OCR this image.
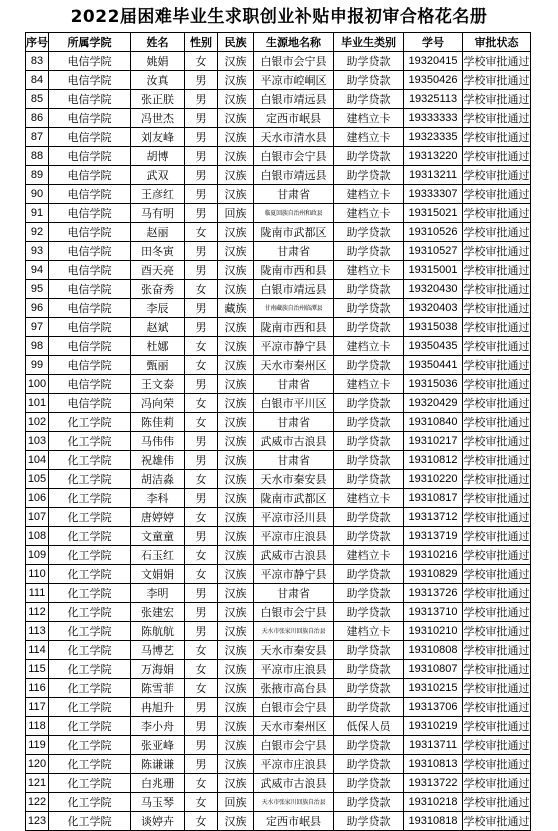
2022届困难毕业生求职创业补贴申报初审合格花名册
序号	所属学院	姓名	性别	民族	生源地名称	毕业生类别	学号	审批状态
83	电信学院	姚娟	女	汉族	白银市会宁县	助学贷款	19320415	学校审批通过
84	电信学院	汝真	男	汉族	平凉市崆峒区	助学贷款	19350426	学校审批通过
85	电信学院	张正朕	男	汉族	白银市靖远县	助学贷款	19325113	学校审批通过
86	电信学院	冯世杰	男	汉族	定西市岷县	建档立卡	19333333	学校审批通过
87	电信学院	刘友峰	男	汉族	天水市清水县	建档立卡	19323335	学校审批通过
88	电信学院	胡博	男	汉族	白银市会宁县	助学贷款	19313220	学校审批通过
89	电信学院	武双	男	汉族	白银市靖远县	助学贷款	19313211	学校审批通过
90	电信学院	王彦红	男	汉族	甘肃省	建档立卡	19333307	学校审批通过
91	电信学院	马有明	男	回族	临夏回族自治州和政县	建档立卡	19315021	学校审批通过
92	电信学院	赵丽	女	汉族	陇南市武都区	助学贷款	19310526	学校审批通过
93	电信学院	田冬寅	男	汉族	甘肃省	助学贷款	19310527	学校审批通过
94	电信学院	酉天亮	男	汉族	陇南市西和县	建档立卡	19315001	学校审批通过
95	电信学院	张奋秀	女	汉族	白银市靖远县	助学贷款	19320430	学校审批通过
96	电信学院	李辰	男	藏族	甘南藏族自治州临潭县	助学贷款	19320403	学校审批通过
97	电信学院	赵斌	男	汉族	陇南市西和县	助学贷款	19315038	学校审批通过
98	电信学院	杜娜	女	汉族	平凉市静宁县	建档立卡	19350435	学校审批通过
99	电信学院	甄丽	女	汉族	天水市秦州区	助学贷款	19350441	学校审批通过
100	电信学院	王文泰	男	汉族	甘肃省	建档立卡	19315036	学校审批通过
101	电信学院	冯向荣	女	汉族	白银市平川区	助学贷款	19320429	学校审批通过
102	化工学院	陈佳莉	女	汉族	甘肃省	助学贷款	19310840	学校审批通过
103	化工学院	马伟伟	男	汉族	武威市古浪县	助学贷款	19310217	学校审批通过
104	化工学院	祝雄伟	男	汉族	甘肃省	助学贷款	19310812	学校审批通过
105	化工学院	胡洁淼	女	汉族	天水市秦安县	助学贷款	19310220	学校审批通过
106	化工学院	李科	男	汉族	陇南市武都区	建档立卡	19310817	学校审批通过
107	化工学院	唐婷婷	女	汉族	平凉市泾川县	助学贷款	19313712	学校审批通过
108	化工学院	文童童	男	汉族	平凉市庄浪县	助学贷款	19313719	学校审批通过
109	化工学院	石玉红	女	汉族	武威市古浪县	建档立卡	19310216	学校审批通过
110	化工学院	文娟娟	女	汉族	平凉市静宁县	助学贷款	19310829	学校审批通过
111	化工学院	李明	男	汉族	甘肃省	助学贷款	19313726	学校审批通过
112	化工学院	张建宏	男	汉族	白银市会宁县	助学贷款	19313710	学校审批通过
113	化工学院	陈航航	男	汉族	天水市张家川回族自治县	建档立卡	19310210	学校审批通过
114	化工学院	马博艺	女	汉族	天水市秦安县	助学贷款	19310808	学校审批通过
115	化工学院	万海娟	女	汉族	平凉市庄浪县	助学贷款	19310807	学校审批通过
116	化工学院	陈雪菲	女	汉族	张掖市高台县	助学贷款	19310215	学校审批通过
117	化工学院	冉旭升	男	汉族	白银市会宁县	助学贷款	19313706	学校审批通过
118	化工学院	李小舟	男	汉族	天水市秦州区	低保人员	19310219	学校审批通过
119	化工学院	张亚峰	男	汉族	白银市会宁县	助学贷款	19313711	学校审批通过
120	化工学院	陈谦谦	男	汉族	平凉市庄浪县	助学贷款	19310813	学校审批通过
121	化工学院	白兆珊	女	汉族	武威市古浪县	助学贷款	19313722	学校审批通过
122	化工学院	马玉琴	女	回族	天水市张家川回族自治县	助学贷款	19310218	学校审批通过
123	化工学院	谈婷卉	女	汉族	定西市岷县	助学贷款	19310818	学校审批通过
